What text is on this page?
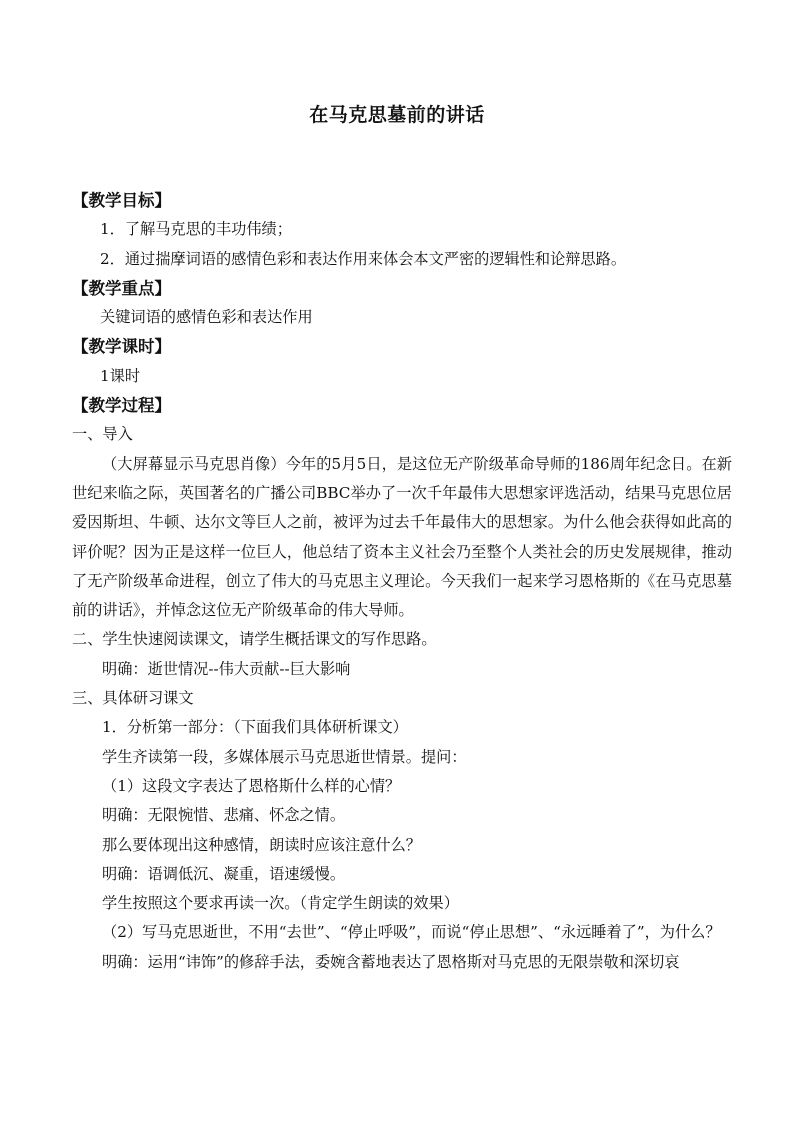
在马克思墓前的讲话
【教学目标】
1．了解马克思的丰功伟绩；
2．通过揣摩词语的感情色彩和表达作用来体会本文严密的逻辑性和论辩思路。
【教学重点】
关键词语的感情色彩和表达作用
【教学课时】
1课时
【教学过程】
一、导入

（大屏幕显示马克思肖像）今年的5月5日，是这位无产阶级革命导师的186周年纪念日。在新世纪来临之际，英国著名的广播公司BBC举办了一次千年最伟大思想家评选活动，结果马克思位居爱因斯坦、牛顿、达尔文等巨人之前，被评为过去千年最伟大的思想家。为什么他会获得如此高的评价呢？因为正是这样一位巨人，他总结了资本主义社会乃至整个人类社会的历史发展规律，推动了无产阶级革命进程，创立了伟大的马克思主义理论。今天我们一起来学习恩格斯的《在马克思墓前的讲话》，并悼念这位无产阶级革命的伟大导师。

二、学生快速阅读课文，请学生概括课文的写作思路。
明确：逝世情况--伟大贡献--巨大影响
三、具体研习课文
1．分析第一部分：（下面我们具体研析课文）
学生齐读第一段，多媒体展示马克思逝世情景。提问：
（1）这段文字表达了恩格斯什么样的心情？
明确：无限惋惜、悲痛、怀念之情。
那么要体现出这种感情，朗读时应该注意什么？
明确：语调低沉、凝重，语速缓慢。
学生按照这个要求再读一次。（肯定学生朗读的效果）

（2）写马克思逝世，不用“去世”、“停止呼吸”，而说“停止思想”、“永远睡着了”，为什么？

明确：运用“讳饰”的修辞手法，委婉含蓄地表达了恩格斯对马克思的无限崇敬和深切哀
